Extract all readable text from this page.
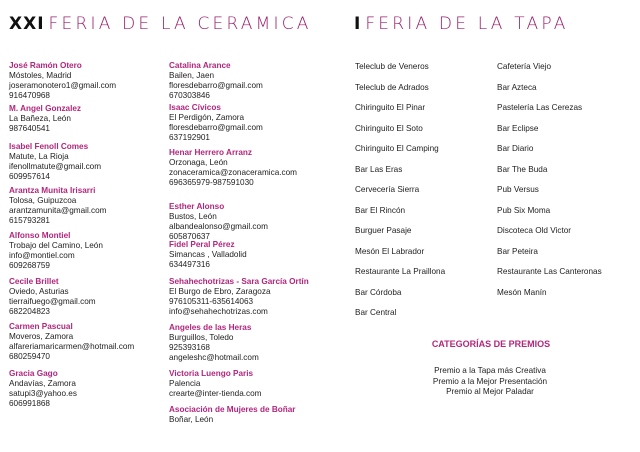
XXI FERIA DE LA CERAMICA I FERIA DE LA TAPA
José Ramón Otero
Móstoles, Madrid
joseramonotero1@gmail.com
916470968
M. Angel Gonzalez
La Bañeza, León
987640541
Isabel Fenoll Comes
Matute, La Rioja
ifenollmatute@gmail.com
609957614
Arantza Munita Irisarri
Tolosa, Guipuzcoa
arantzamunita@gmail.com
615793281
Alfonso Montiel
Trobajo del Camino, León
info@montiel.com
609268759
Cecile Brillet
Oviedo, Asturias
tierraifuego@gmail.com
682204823
Carmen Pascual
Moveros, Zamora
alfareriamaricarmen@hotmail.com
680259470
Gracia Gago
Andavías, Zamora
satupi3@yahoo.es
606991868
Catalina Arance
Bailen, Jaen
floresdebarro@gmail.com
670303846
Isaac Cívicos
El Perdigón, Zamora
floresdebarro@gmail.com
637192901
Henar Herrero Arranz
Orzonaga, León
zonaceramica@zonaceramica.com
696365979-987591030
Esther Alonso
Bustos, León
albandealonso@gmail.com
605870637
Fidel Peral Pérez
Simancas , Valladolid
634497316
Sehahechotrizas - Sara García Ortín
El Burgo de Ebro, Zaragoza
976105311-635614063
info@sehahechotrizas.com
Angeles de las Heras
Burguillos, Toledo
925393168
angeleshc@hotmail.com
Victoria Luengo Paris
Palencia
crearte@inter-tienda.com
Asociación de Mujeres de Boñar
Boñar, León
Teleclub de Veneros
Teleclub de Adrados
Chiringuito El Pinar
Chiringuito El Soto
Chiringuito El Camping
Bar Las Eras
Cervecería Sierra
Bar El Rincón
Burguer Pasaje
Mesón El Labrador
Restaurante La Praillona
Bar Córdoba
Bar Central
Cafetería Viejo
Bar Azteca
Pastelería Las Cerezas
Bar Eclipse
Bar Diario
Bar The Buda
Pub Versus
Pub Six Moma
Discoteca Old Victor
Bar Peteira
Restaurante Las Canteronas
Mesón Manín
CATEGORÍAS DE PREMIOS
Premio a la Tapa más Creativa
Premio a la Mejor Presentación
Premio al Mejor Paladar
